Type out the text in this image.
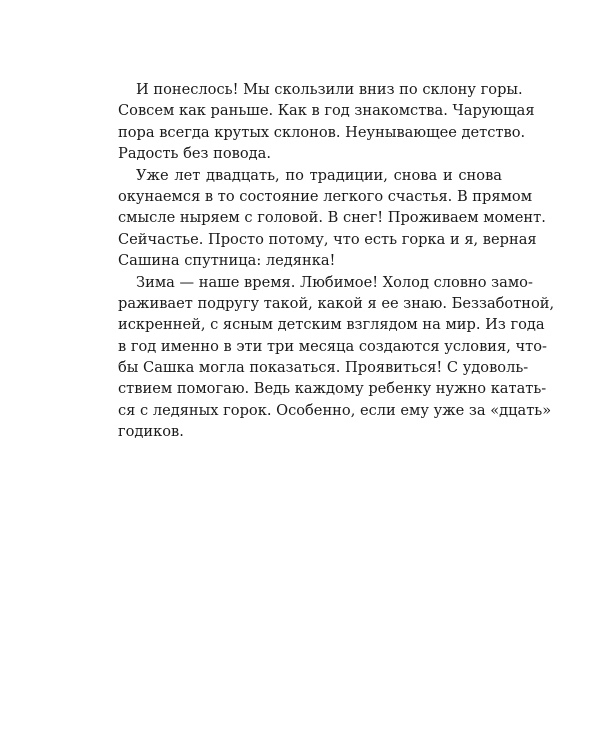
И понеслось! Мы скользили вниз по склону горы.
Совсем как раньше. Как в год знакомства. Чарующая
пора всегда крутых склонов. Неунывающее детство.
Радость без повода.
Уже лет двадцать, по традиции, снова и снова
окунаемся в то состояние легкого счастья. В прямом
смысле ныряем с головой. В снег! Проживаем момент.
Сейчастье. Просто потому, что есть горка и я, верная
Сашина спутница: ледянка!
Зима — наше время. Любимое! Холод словно замо-
раживает подругу такой, какой я ее знаю. Беззаботной,
искренней, с ясным детским взглядом на мир. Из года
в год именно в эти три месяца создаются условия, что-
бы Сашка могла показаться. Проявиться! С удоволь-
ствием помогаю. Ведь каждому ребенку нужно катать-
ся с ледяных горок. Особенно, если ему уже за «дцать»
годиков.
